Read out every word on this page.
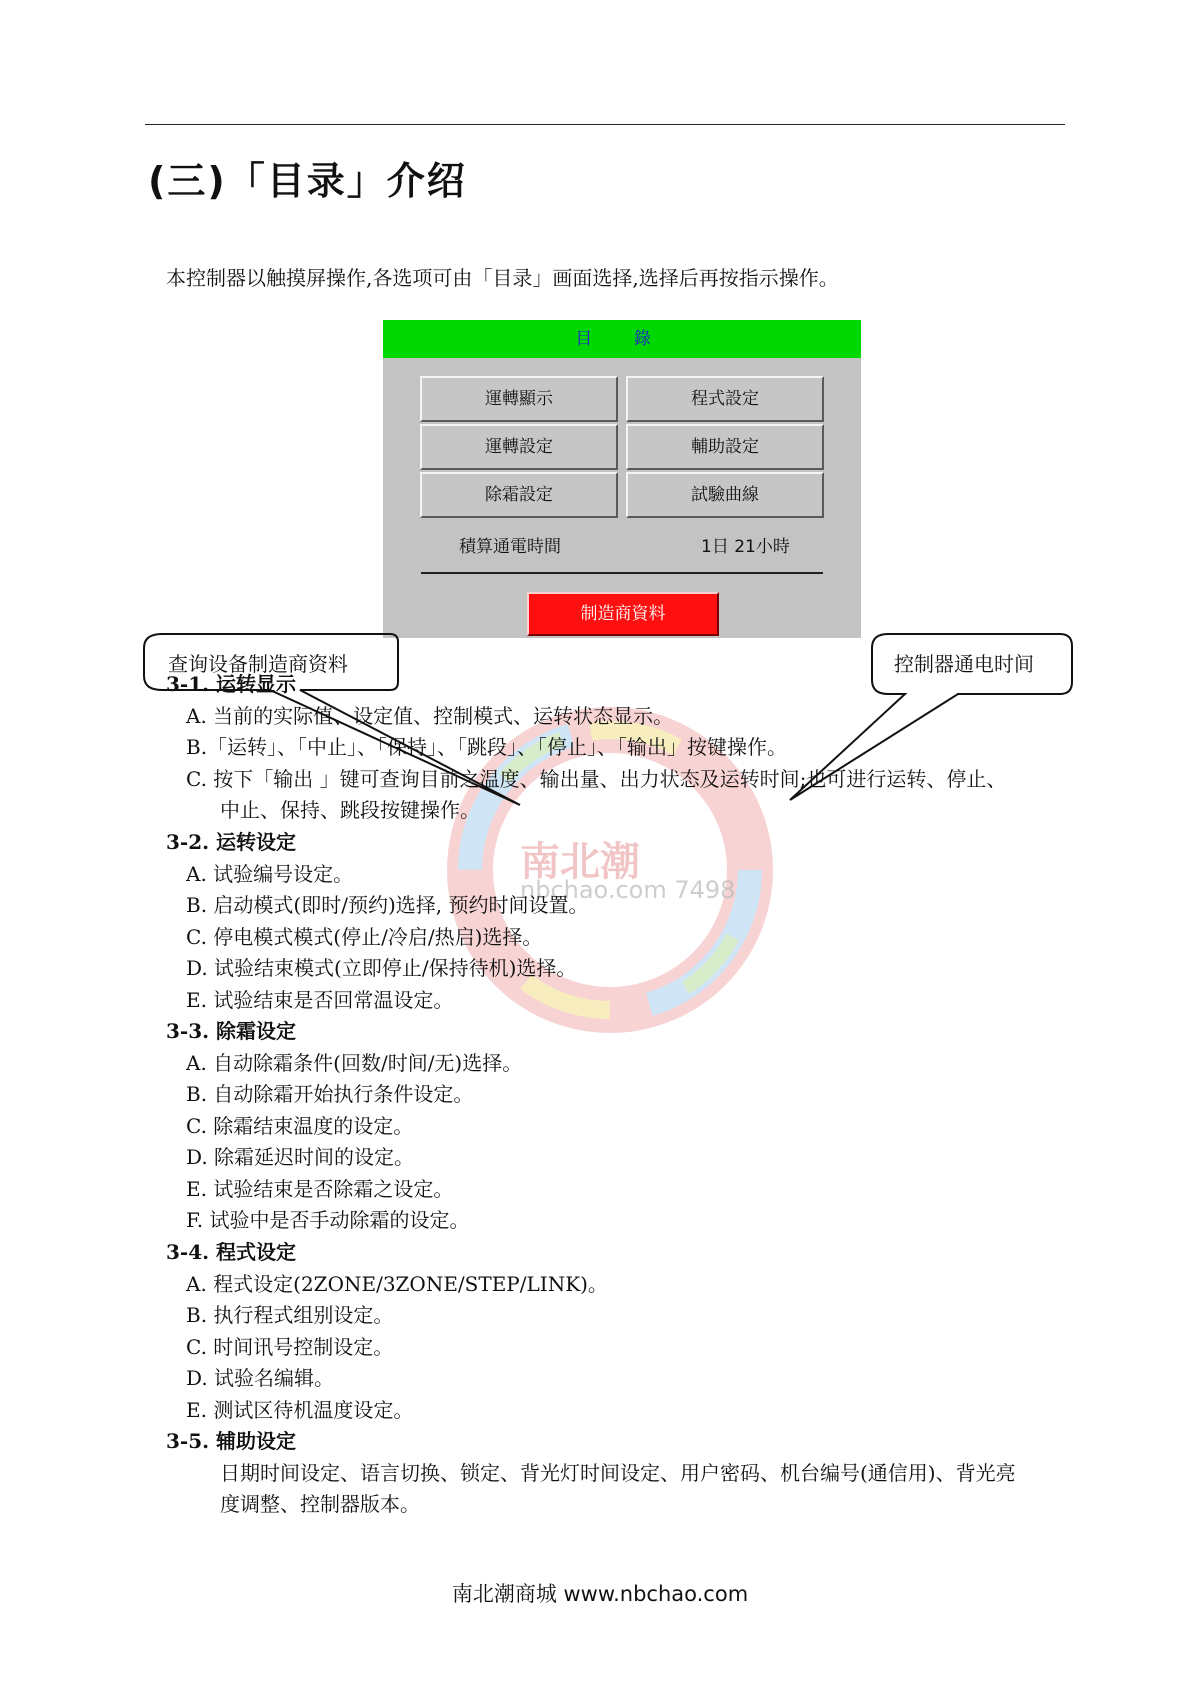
(三)「目录」介绍
本控制器以触摸屏操作,各选项可由「目录」画面选择,选择后再按指示操作。
目 錄
運轉顯示	程式設定
運轉設定	輔助設定
除霜設定	試驗曲線
積算通電時間	1日 21小時
制造商資料
南北潮
nbchao.com 7498
查询设备制造商资料	控制器通电时间
3-1. 运转显示
A. 当前的实际值、设定值、控制模式、运转状态显示。
B.「运转」、「中止」、「保持」、「跳段」、「停止」、「输出」按键操作。
C. 按下「输出 」键可查询目前之温度、输出量、出力状态及运转时间;也可进行运转、停止、
中止、保持、跳段按键操作。
3-2. 运转设定
A. 试验编号设定。
B. 启动模式(即时/预约)选择, 预约时间设置。
C. 停电模式模式(停止/冷启/热启)选择。
D. 试验结束模式(立即停止/保持待机)选择。
E. 试验结束是否回常温设定。
3-3. 除霜设定
A. 自动除霜条件(回数/时间/无)选择。
B. 自动除霜开始执行条件设定。
C. 除霜结束温度的设定。
D. 除霜延迟时间的设定。
E. 试验结束是否除霜之设定。
F. 试验中是否手动除霜的设定。
3-4. 程式设定
A. 程式设定(2ZONE/3ZONE/STEP/LINK)。
B. 执行程式组别设定。
C. 时间讯号控制设定。
D. 试验名编辑。
E. 测试区待机温度设定。
3-5. 辅助设定
日期时间设定、语言切换、锁定、背光灯时间设定、用户密码、机台编号(通信用)、背光亮
度调整、控制器版本。
南北潮商城 www.nbchao.com
